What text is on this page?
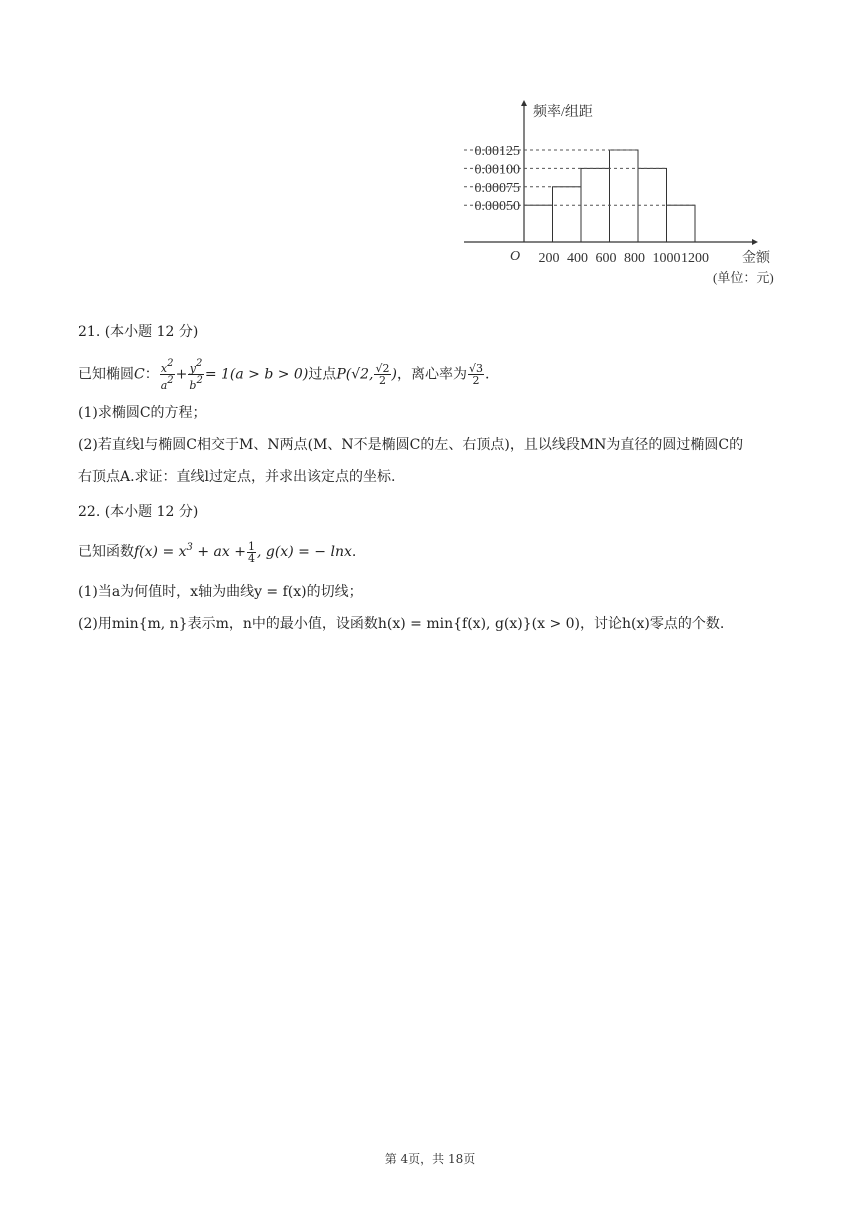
频率/组距
O
0.00125
0.00100
0.00075
0.00050
200 400 600 800 1000 1200 金额
(单位：元)
21. (本小题 12 分)
已知椭圆C： $\frac{x2}{a2} + \frac{y2}{b2} = 1(a > b > 0)$过点P(√2, $\frac{√2}{2}$ )，离心率为 $\frac{√3}{2}$ .
(1)求椭圆C的方程；
(2)若直线l与椭圆C相交于M、N两点(M、N不是椭圆C的左、右顶点)，且以线段MN为直径的圆过椭圆C的
右顶点A.求证：直线l过定点，并求出该定点的坐标.
22. (本小题 12 分)
已知函数$f(x) = x^3$ + ax + $\frac{1}{4}$ , g(x) = − lnx.
(1)当a为何值时，x轴为曲线y = f(x)的切线；
(2)用min{m, n}表示m，n中的最小值，设函数h(x) = min{f(x), g(x)}(x > 0)，讨论h(x)零点的个数.
第 4页，共 18页
